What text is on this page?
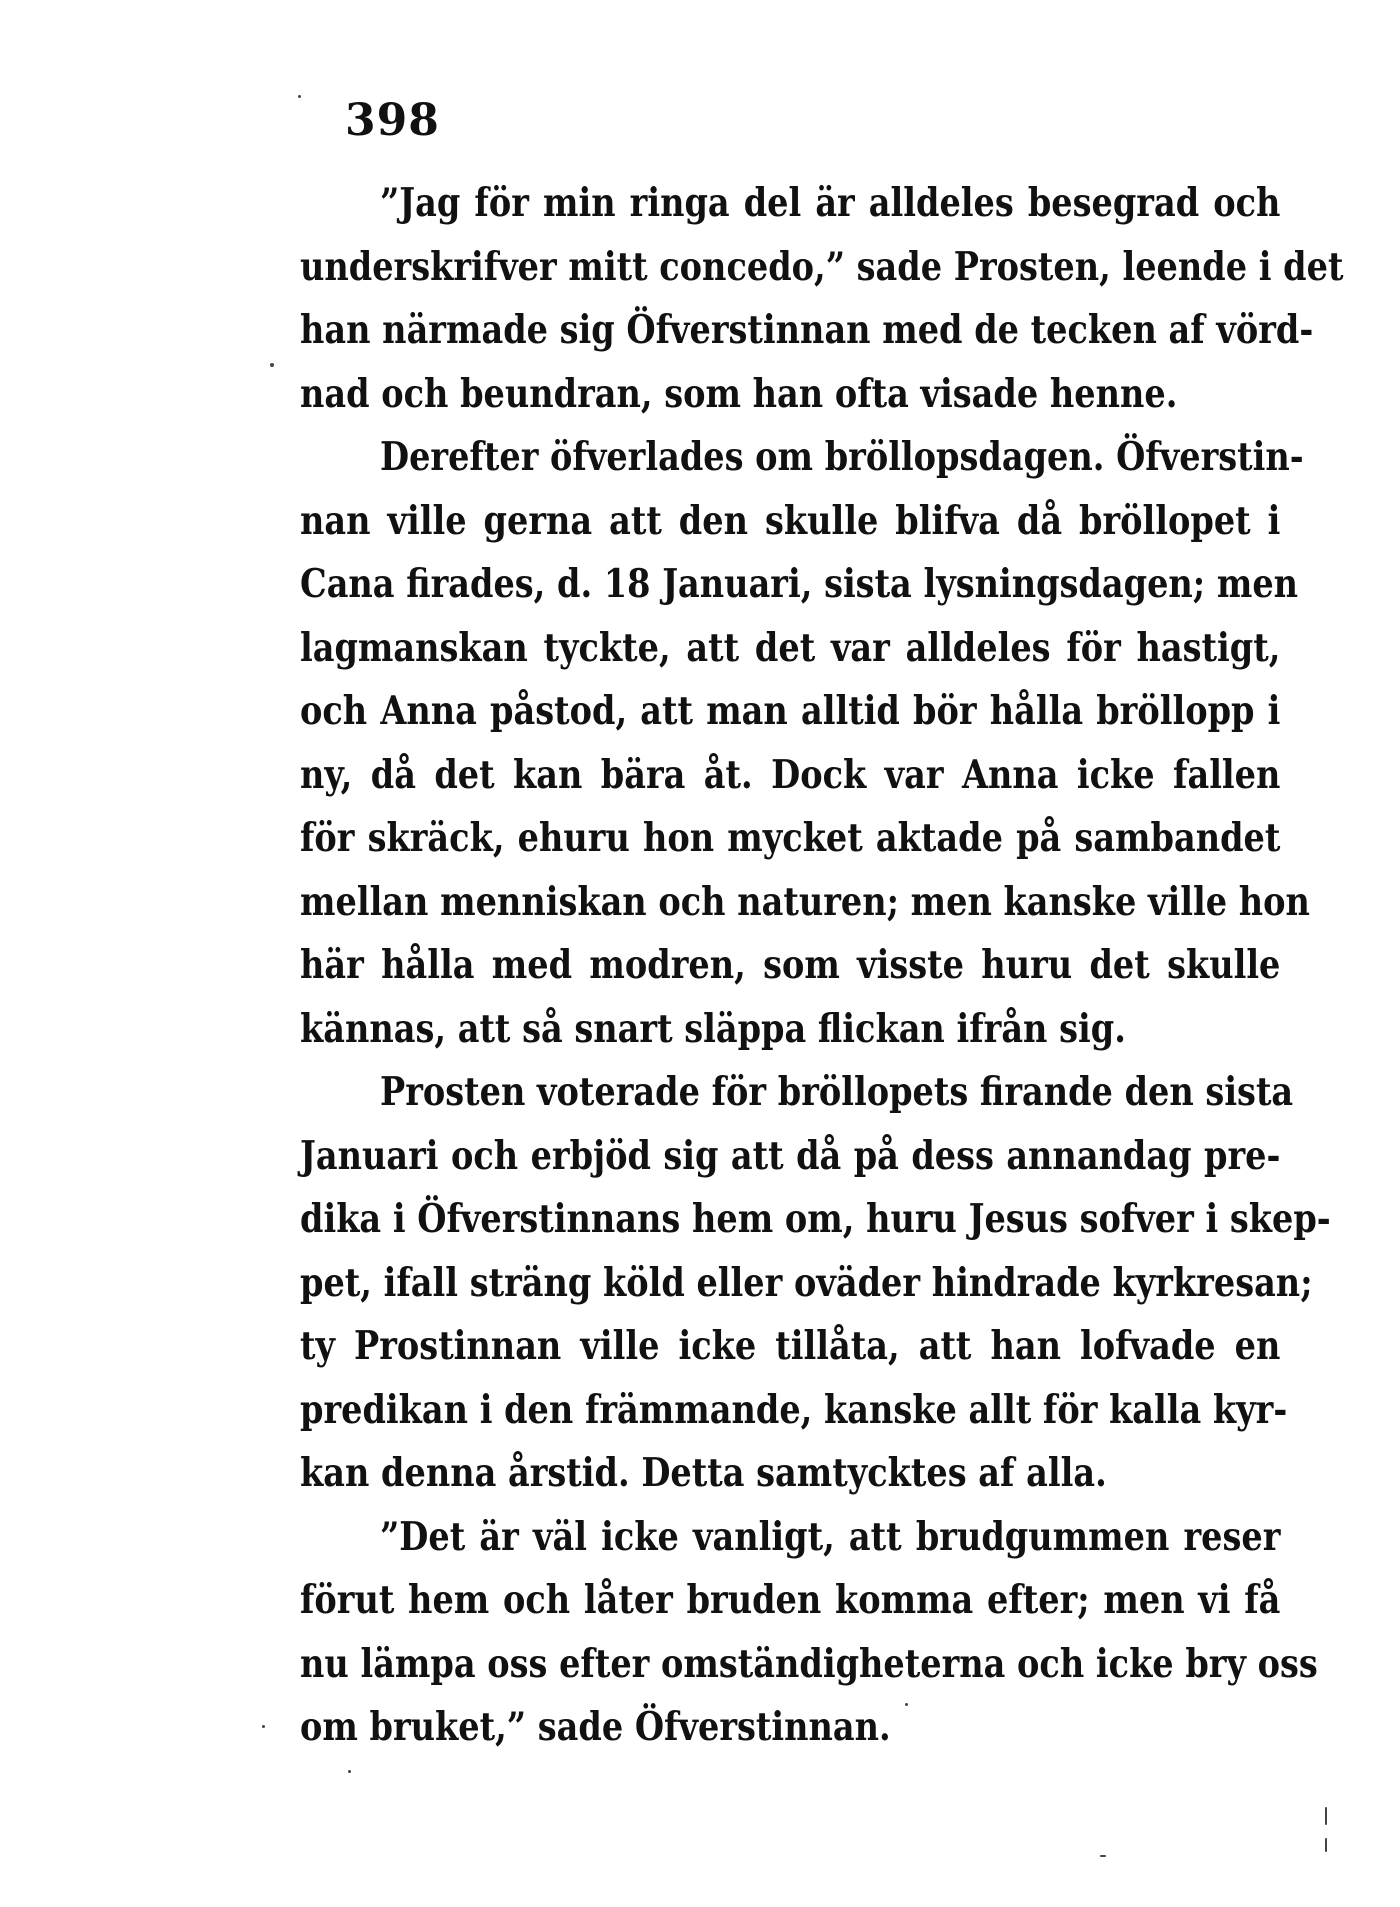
398
”Jag för min ringa del är alldeles besegrad och
underskrifver mitt concedo,” sade Prosten, leende i det
han närmade sig Öfverstinnan med de tecken af vörd-
nad och beundran, som han ofta visade henne.
Derefter öfverlades om bröllopsdagen. Öfverstin-
nan ville gerna att den skulle blifva då bröllopet i
Cana firades, d. 18 Januari, sista lysningsdagen; men
lagmanskan tyckte, att det var alldeles för hastigt,
och Anna påstod, att man alltid bör hålla bröllopp i
ny, då det kan bära åt. Dock var Anna icke fallen
för skräck, ehuru hon mycket aktade på sambandet
mellan menniskan och naturen; men kanske ville hon
här hålla med modren, som visste huru det skulle
kännas, att så snart släppa flickan ifrån sig.
Prosten voterade för bröllopets firande den sista
Januari och erbjöd sig att då på dess annandag pre-
dika i Öfverstinnans hem om, huru Jesus sofver i skep-
pet, ifall sträng köld eller oväder hindrade kyrkresan;
ty Prostinnan ville icke tillåta, att han lofvade en
predikan i den främmande, kanske allt för kalla kyr-
kan denna årstid. Detta samtycktes af alla.
”Det är väl icke vanligt, att brudgummen reser
förut hem och låter bruden komma efter; men vi få
nu lämpa oss efter omständigheterna och icke bry oss
om bruket,” sade Öfverstinnan.
